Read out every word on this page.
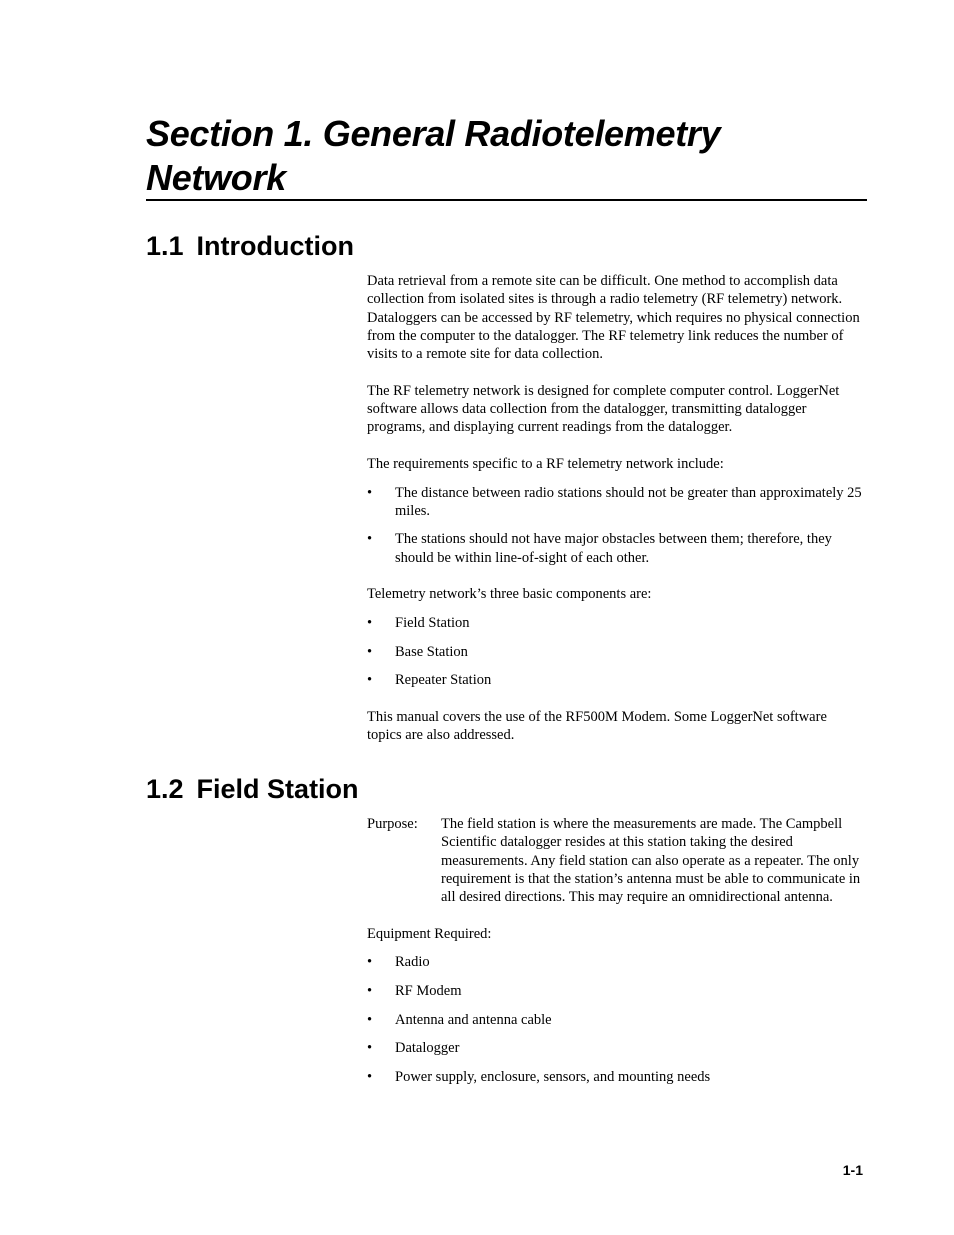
Section 1. General Radiotelemetry Network
1.1 Introduction

Data retrieval from a remote site can be difficult. One method to accomplish data collection from isolated sites is through a radio telemetry (RF telemetry) network. Dataloggers can be accessed by RF telemetry, which requires no physical connection from the computer to the datalogger. The RF telemetry link reduces the number of visits to a remote site for data collection.

The RF telemetry network is designed for complete computer control. LoggerNet software allows data collection from the datalogger, transmitting datalogger programs, and displaying current readings from the datalogger.

The requirements specific to a RF telemetry network include:

• The distance between radio stations should not be greater than approximately 25 miles.
• The stations should not have major obstacles between them; therefore, they should be within line-of-sight of each other.

Telemetry network’s three basic components are:

• Field Station
• Base Station
• Repeater Station

This manual covers the use of the RF500M Modem. Some LoggerNet software topics are also addressed.

1.2 Field Station
Purpose:	The field station is where the measurements are made. The Campbell Scientific datalogger resides at this station taking the desired measurements. Any field station can also operate as a repeater. The only requirement is that the station’s antenna must be able to communicate in all desired directions. This may require an omnidirectional antenna.

Equipment Required:

• Radio
• RF Modem
• Antenna and antenna cable
• Datalogger
• Power supply, enclosure, sensors, and mounting needs
1-1
